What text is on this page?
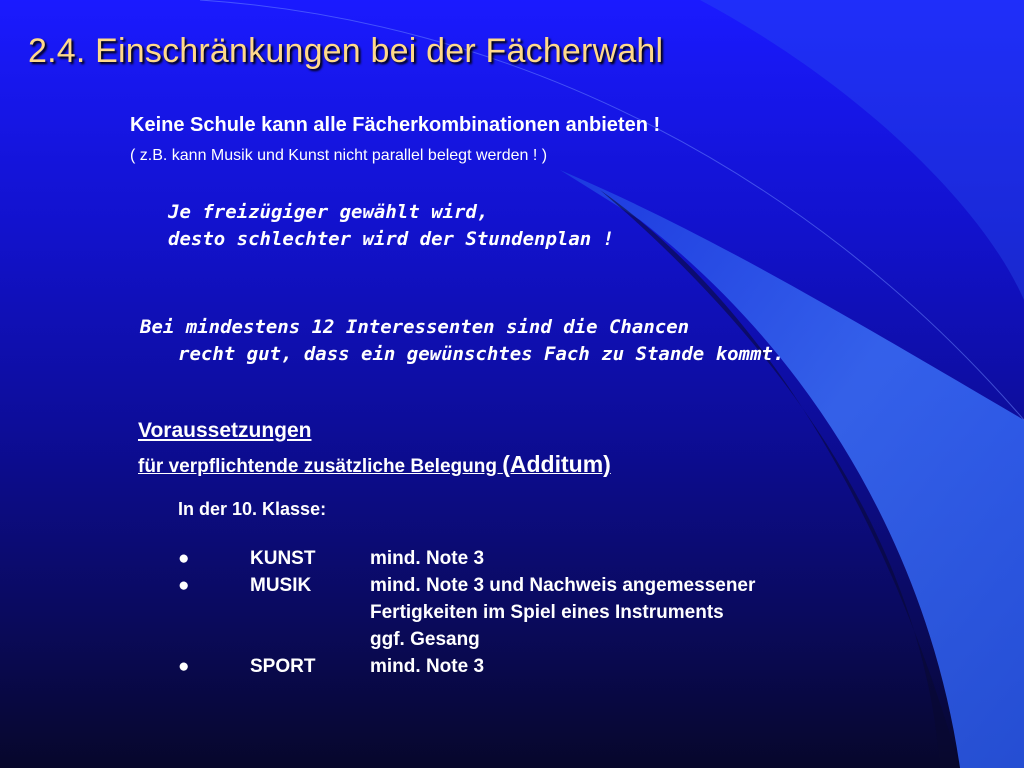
2.4. Einschränkungen bei der Fächerwahl

Keine Schule kann alle Fächerkombinationen anbieten !

( z.B. kann Musik und Kunst nicht parallel belegt werden ! )

Je freizügiger gewählt wird,

desto schlechter wird der Stundenplan !

Bei mindestens 12 Interessenten sind die Chancen

recht gut, dass ein gewünschtes Fach zu Stande kommt.

Voraussetzungen

für verpflichtende zusätzliche Belegung (Additum)

In der 10. Klasse:

●	KUNST	mind. Note 3
●	MUSIK	mind. Note 3 und Nachweis angemessener
Fertigkeiten im Spiel eines Instruments
ggf. Gesang
●	SPORT	mind. Note 3
